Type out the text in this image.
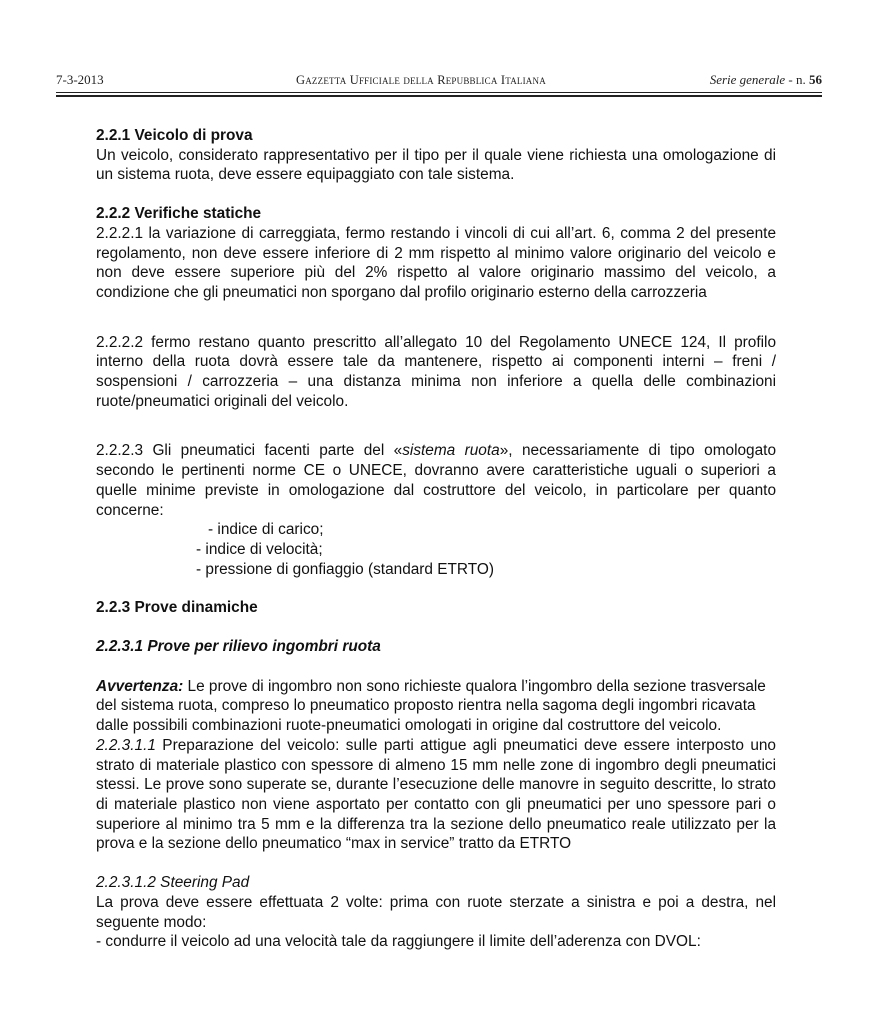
7-3-2013	Gazzetta Ufficiale della Repubblica Italiana	Serie generale - n. 56

2.2.1 Veicolo di prova

Un veicolo, considerato rappresentativo per il tipo per il quale viene richiesta una omologazione di un sistema ruota, deve essere equipaggiato con tale sistema.

2.2.2 Verifiche statiche

2.2.2.1 la variazione di carreggiata, fermo restando i vincoli di cui all’art. 6, comma 2 del presente regolamento, non deve essere inferiore di 2 mm rispetto al minimo valore originario del veicolo e non deve essere superiore più del 2% rispetto al valore originario massimo del veicolo, a condizione che gli pneumatici non sporgano dal profilo originario esterno della carrozzeria

2.2.2.2 fermo restano quanto prescritto all’allegato 10 del Regolamento UNECE 124, Il profilo interno della ruota dovrà essere tale da mantenere, rispetto ai componenti interni – freni / sospensioni / carrozzeria – una distanza minima non inferiore a quella delle combinazioni ruote/pneumatici originali del veicolo.

2.2.2.3 Gli pneumatici facenti parte del «sistema ruota», necessariamente di tipo omologato secondo le pertinenti norme CE o UNECE, dovranno avere caratteristiche uguali o superiori a quelle minime previste in omologazione dal costruttore del veicolo, in particolare per quanto concerne:

- indice di carico;

- indice di velocità;

- pressione di gonfiaggio (standard ETRTO)

2.2.3 Prove dinamiche

2.2.3.1 Prove per rilievo ingombri ruota

Avvertenza: Le prove di ingombro non sono richieste qualora l’ingombro della sezione trasversale del sistema ruota, compreso lo pneumatico proposto rientra nella sagoma degli ingombri ricavata dalle possibili combinazioni ruote-pneumatici omologati in origine dal costruttore del veicolo.

2.2.3.1.1 Preparazione del veicolo: sulle parti attigue agli pneumatici deve essere interposto uno strato di materiale plastico con spessore di almeno 15 mm nelle zone di ingombro degli pneumatici stessi. Le prove sono superate se, durante l’esecuzione delle manovre in seguito descritte, lo strato di materiale plastico non viene asportato per contatto con gli pneumatici per uno spessore pari o superiore al minimo tra 5 mm e la differenza tra la sezione dello pneumatico reale utilizzato per la prova e la sezione dello pneumatico “max in service” tratto da ETRTO

2.2.3.1.2 Steering Pad

La prova deve essere effettuata 2 volte: prima con ruote sterzate a sinistra e poi a destra, nel seguente modo:

- condurre il veicolo ad una velocità tale da raggiungere il limite dell’aderenza con DVOL:
